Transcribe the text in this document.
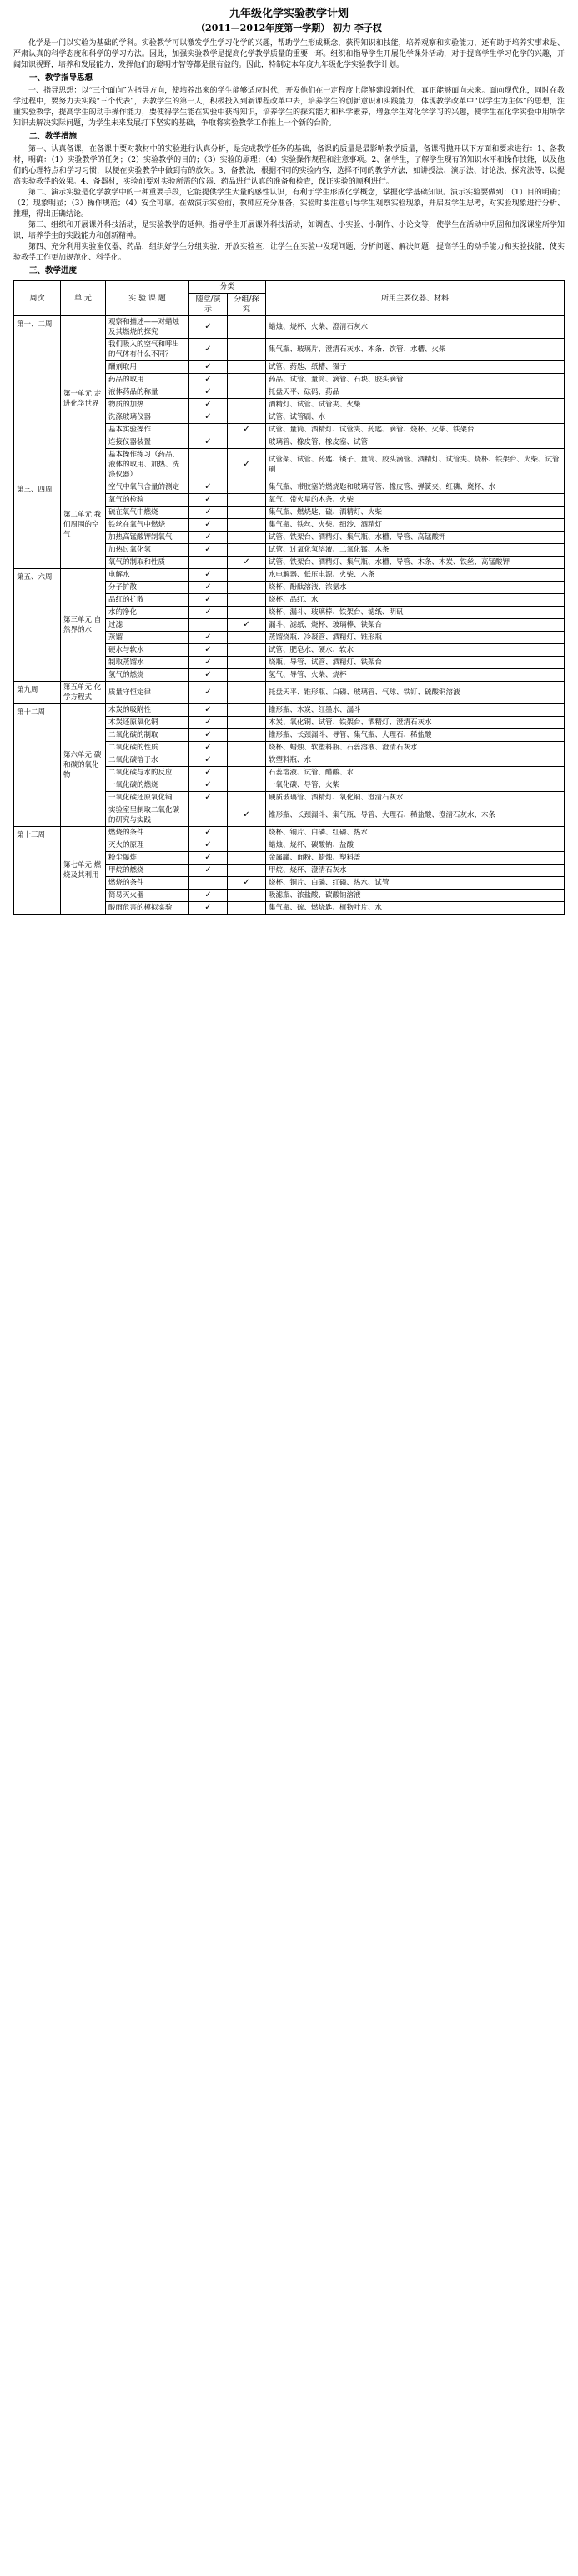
九年级化学实验教学计划
（2011—2012年度第一学期） 初力 李子权

化学是一门以实验为基础的学科。实验教学可以激发学生学习化学的兴趣，帮助学生形成概念，获得知识和技能，培养观察和实验能力，还有助于培养实事求是、严肃认真的科学态度和科学的学习方法。因此，加强实验教学是提高化学教学质量的重要一环。组织和指导学生开展化学课外活动，对于提高学生学习化学的兴趣，开阔知识视野，培养和发展能力，发挥他们的聪明才智等都是很有益的。因此，特制定本年度九年级化学实验教学计划。

一、教学指导思想

一、指导思想：以“三个面向”为指导方向，使培养出来的学生能够适应时代，开发他们在一定程度上能够建设新时代，真正能够面向未来。面向现代化，同时在教学过程中，要努力去实践“三个代表”，去教学生的第一人，积极投入到新课程改革中去，培养学生的创新意识和实践能力，体现教学改革中“以学生为主体”的思想，注重实验教学，提高学生的动手操作能力，要使得学生能在实验中获得知识，培养学生的探究能力和科学素养，增强学生对化学学习的兴趣，使学生在化学实验中用所学知识去解决实际问题，为学生未来发展打下坚实的基础，争取将实验教学工作推上一个新的台阶。

二、教学措施

第一、认真备课，在备课中要对教材中的实验进行认真分析，是完成教学任务的基础，备课的质量是最影响教学质量，备课得抛开以下方面和要求进行：1、备教材，明确：（1）实验教学的任务；（2）实验教学的目的；（3）实验的原理；（4）实验操作规程和注意事项。2、备学生，了解学生现有的知识水平和操作技能，以及他们的心理特点和学习习惯，以便在实验教学中做到有的放矢。3、备教法，根据不同的实验内容，选择不同的教学方法，如讲授法、演示法、讨论法、探究法等，以提高实验教学的效果。4、备器材，实验前要对实验所需的仪器、药品进行认真的准备和检查，保证实验的顺利进行。

第二、演示实验是化学教学中的一种重要手段，它能提供学生大量的感性认识，有利于学生形成化学概念，掌握化学基础知识。演示实验要做到：（1）目的明确；（2）现象明显；（3）操作规范；（4）安全可靠。在做演示实验前，教师应充分准备，实验时要注意引导学生观察实验现象，并启发学生思考，对实验现象进行分析、推理，得出正确结论。

第三、组织和开展课外科技活动，是实验教学的延伸。指导学生开展课外科技活动，如调查、小实验、小制作、小论文等，使学生在活动中巩固和加深课堂所学知识，培养学生的实践能力和创新精神。

第四、充分利用实验室仪器、药品，组织好学生分组实验，开放实验室，让学生在实验中发现问题、分析问题、解决问题，提高学生的动手能力和实验技能，使实验教学工作更加规范化、科学化。

三、教学进度
周次	单 元	实 验 课 题	分类		所用主要仪器、材料
			随堂/演示	分组/探究	
第一、二周	第一单元 走进化学世界	观察和描述——对蜡烛及其燃烧的探究	✓		蜡烛、烧杯、火柴、澄清石灰水
		我们吸入的空气和呼出的气体有什么不同？	✓		集气瓶、玻璃片、澄清石灰水、木条、饮管、水槽、火柴
		酬剂取用	✓		试管、药匙、纸槽、镊子
		药品的取用	✓		药品、试管、量筒、滴管、石块、胶头滴管
		液体药品的称量	✓		托盘天平、砝码、药品
		物质的加热	✓		酒精灯、试管、试管夹、火柴
		洗涤玻璃仪器	✓		试管、试管刷、水
		基本实验操作		✓	试管、量筒、酒精灯、试管夹、药匙、滴管、烧杯、火柴、铁架台
		连接仪器装置	✓		玻璃管、橡皮管、橡皮塞、试管
		基本操作练习（药品、液体的取用、加热、洗涤仪器）		✓	试管架、试管、药匙、镊子、量筒、胶头滴管、酒精灯、试管夹、烧杯、铁架台、火柴、试管刷
第三、四周	第二单元 我们周围的空气	空气中氧气含量的测定	✓		集气瓶、带胶塞的燃烧匙和玻璃导管、橡皮管、弹簧夹、红磷、烧杯、水
		氧气的检验	✓		氧气、带火星的木条、火柴
		硫在氧气中燃烧	✓		集气瓶、燃烧匙、硫、酒精灯、火柴
		铁丝在氧气中燃烧	✓		集气瓶、铁丝、火柴、细沙、酒精灯
		加热高锰酸钾制氧气	✓		试管、铁架台、酒精灯、集气瓶、水槽、导管、高锰酸钾
		加热过氧化氢	✓		试管、过氧化氢溶液、二氧化锰、木条
		氧气的制取和性质		✓	试管、铁架台、酒精灯、集气瓶、水槽、导管、木条、木炭、铁丝、高锰酸钾
第五、六周	第三单元 自然界的水	电解水	✓		水电解器、低压电源、火柴、木条
		分子扩散	✓		烧杯、酚酞溶液、浓氨水
		品红的扩散	✓		烧杯、品红、水
		水的净化	✓		烧杯、漏斗、玻璃棒、铁架台、滤纸、明矾
		过滤		✓	漏斗、滤纸、烧杯、玻璃棒、铁架台
		蒸馏	✓		蒸馏烧瓶、冷凝管、酒精灯、锥形瓶
		硬水与软水	✓		试管、肥皂水、硬水、软水
		制取蒸馏水	✓		烧瓶、导管、试管、酒精灯、铁架台
		氢气的燃烧	✓		氢气、导管、火柴、烧杯
第九周	第五单元 化学方程式	质量守恒定律	✓		托盘天平、锥形瓶、白磷、玻璃管、气球、铁钉、硫酸铜溶液
第十二周	第六单元 碳和碳的氧化物	木炭的吸附性	✓		锥形瓶、木炭、红墨水、漏斗
		木炭还原氧化铜	✓		木炭、氧化铜、试管、铁架台、酒精灯、澄清石灰水
		二氧化碳的制取	✓		锥形瓶、长颈漏斗、导管、集气瓶、大理石、稀盐酸
		二氧化碳的性质	✓		烧杯、蜡烛、软塑料瓶、石蕊溶液、澄清石灰水
		二氧化碳溶于水	✓		软塑料瓶、水
		二氧化碳与水的反应	✓		石蕊溶液、试管、醋酸、水
		一氧化碳的燃烧	✓		一氧化碳、导管、火柴
		一氧化碳还原氧化铜	✓		硬质玻璃管、酒精灯、氧化铜、澄清石灰水
		实验室里制取二氧化碳的研究与实践		✓	锥形瓶、长颈漏斗、集气瓶、导管、大理石、稀盐酸、澄清石灰水、木条
第十三周	第七单元 燃烧及其利用	燃烧的条件	✓		烧杯、铜片、白磷、红磷、热水
		灭火的原理	✓		蜡烛、烧杯、碳酸钠、盐酸
		粉尘爆炸	✓		金属罐、面粉、蜡烛、塑料盖
		甲烷的燃烧	✓		甲烷、烧杯、澄清石灰水
		燃烧的条件		✓	烧杯、铜片、白磷、红磷、热水、试管
		简易灭火器	✓		吸滤瓶、浓盐酸、碳酸钠溶液
		酸雨危害的模拟实验	✓		集气瓶、硫、燃烧匙、植物叶片、水
